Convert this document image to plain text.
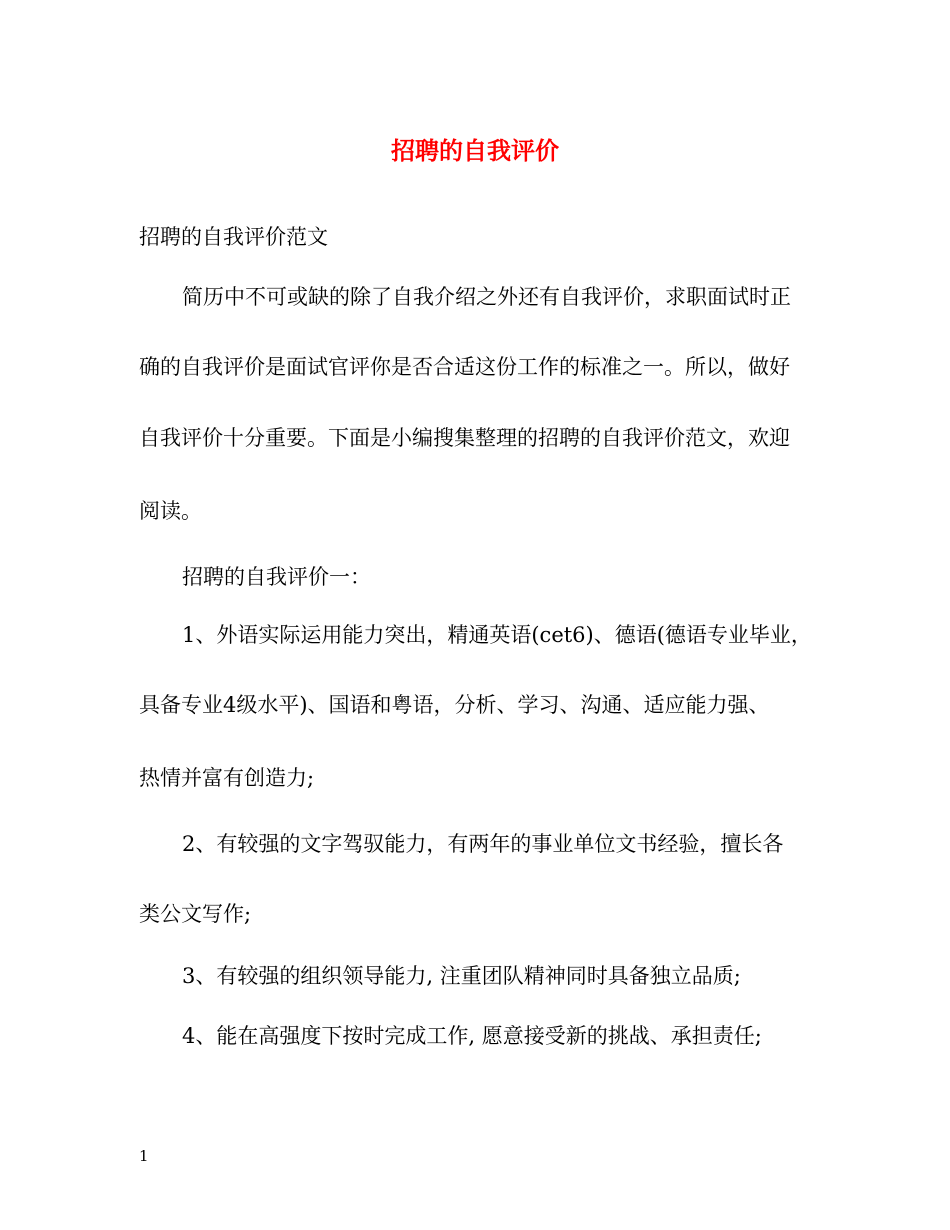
招聘的自我评价
招聘的自我评价范文
简历中不可或缺的除了自我介绍之外还有自我评价，求职面试时正
确的自我评价是面试官评你是否合适这份工作的标准之一。所以，做好
自我评价十分重要。下面是小编搜集整理的招聘的自我评价范文，欢迎
阅读。
招聘的自我评价一：
1、外语实际运用能力突出，精通英语(cet6)、德语(德语专业毕业，
具备专业4级水平)、国语和粤语，分析、学习、沟通、适应能力强、
热情并富有创造力;
2、有较强的文字驾驭能力，有两年的事业单位文书经验，擅长各
类公文写作;
3、有较强的组织领导能力, 注重团队精神同时具备独立品质;
4、能在高强度下按时完成工作, 愿意接受新的挑战、承担责任;
1
